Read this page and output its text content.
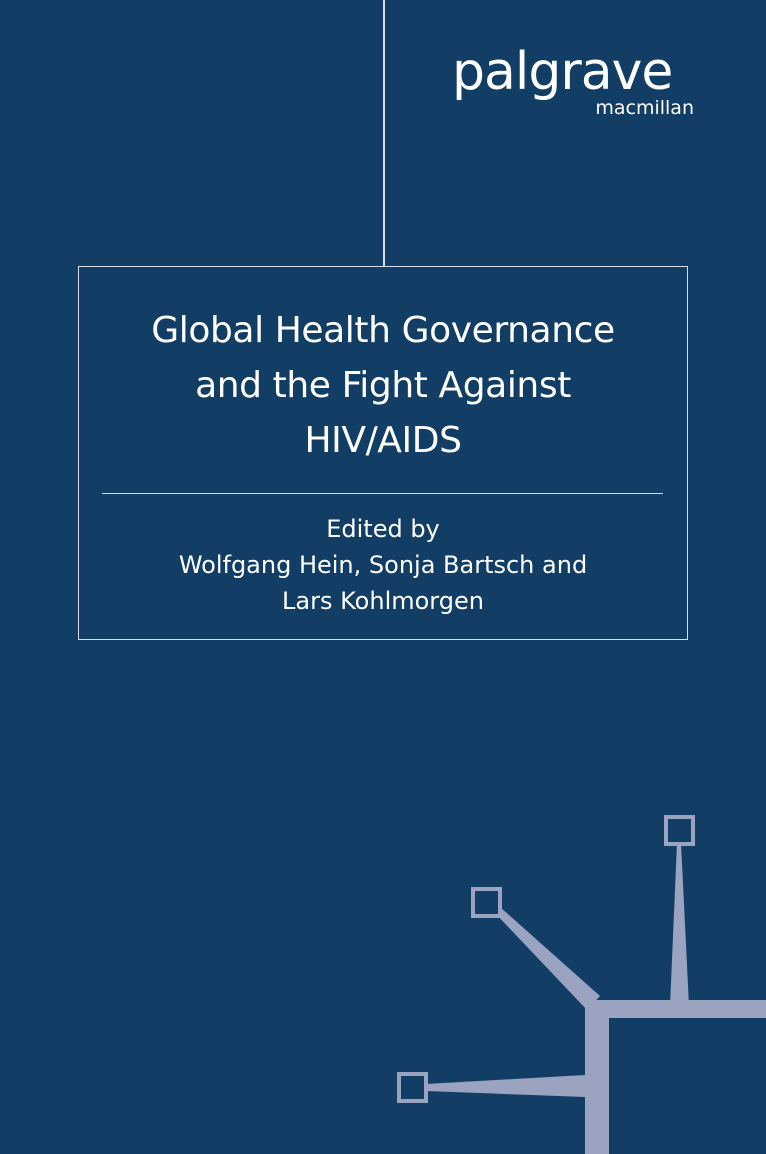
palgrave
macmillan
Global Health Governance
and the Fight Against
HIV/AIDS
Edited by
Wolfgang Hein, Sonja Bartsch and
Lars Kohlmorgen
